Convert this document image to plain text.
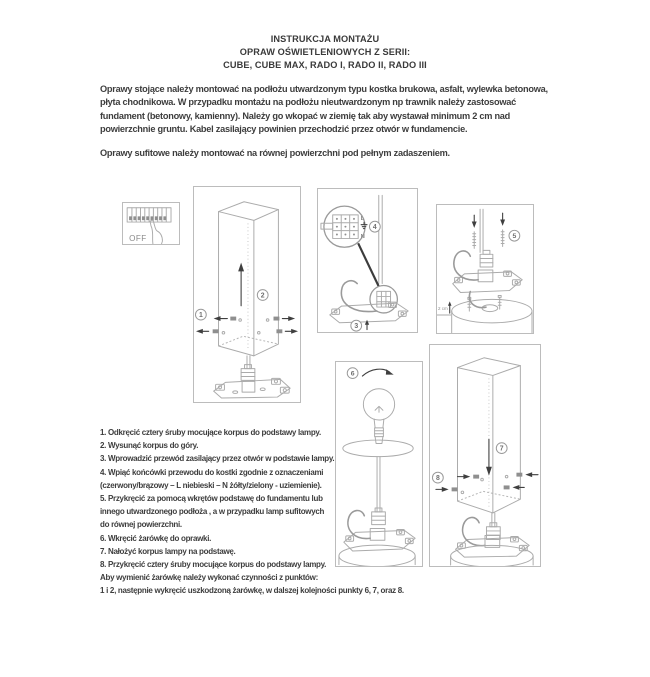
INSTRUKCJA MONTAŻU
OPRAW OŚWIETLENIOWYCH Z SERII:
CUBE, CUBE MAX, RADO I, RADO II, RADO III
Oprawy stojące należy montować na podłożu utwardzonym typu kostka brukowa, asfalt, wylewka betonowa,
płyta chodnikowa. W przypadku montażu na podłożu nieutwardzonym np trawnik należy zastosować
fundament (betonowy, kamienny). Należy go wkopać w ziemię tak aby wystawał minimum 2 cm nad
powierzchnie gruntu. Kabel zasilający powinien przechodzić przez otwór w fundamencie.
Oprawy sufitowe należy montować na równej powierzchni pod pełnym zadaszeniem.
OFF
1
2
L
N
3
4
2 cm
5
6
7
8
1. Odkręcić cztery śruby mocujące korpus do podstawy lampy.
2. Wysunąć korpus do góry.
3. Wprowadzić przewód zasilający przez otwór w podstawie lampy.
4. Wpiąć końcówki przewodu do kostki zgodnie z oznaczeniami
(czerwony/brązowy – L niebieski – N żółty/zielony - uziemienie).
5. Przykręcić za pomocą wkrętów podstawę do fundamentu lub
innego utwardzonego podłoża , a w przypadku lamp sufitowych
do równej powierzchni.
6. Wkręcić żarówkę do oprawki.
7. Nałożyć korpus lampy na podstawę.
8. Przykręcić cztery śruby mocujące korpus do podstawy lampy.
Aby wymienić żarówkę należy wykonać czynności z punktów:
1 i 2, następnie wykręcić uszkodzoną żarówkę, w dalszej kolejności punkty 6, 7, oraz 8.
